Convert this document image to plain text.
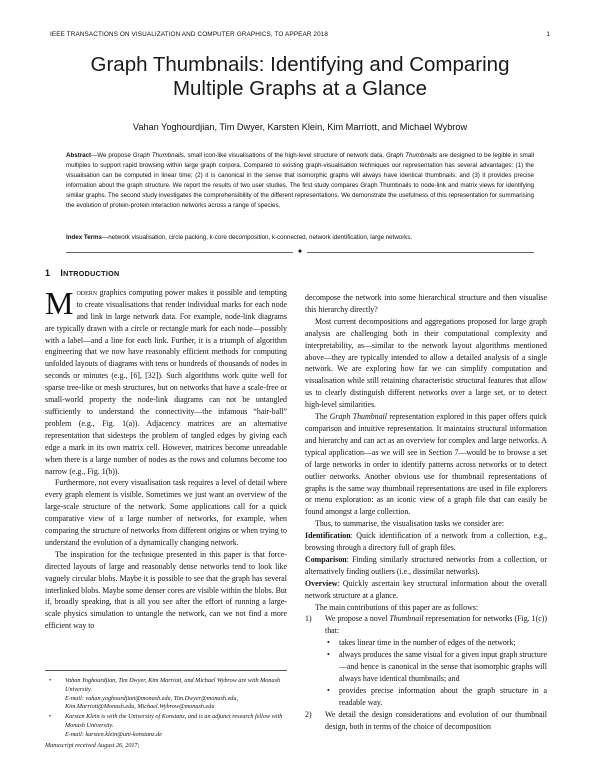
IEEE TRANSACTIONS ON VISUALIZATION AND COMPUTER GRAPHICS, TO APPEAR 2018	1
Graph Thumbnails: Identifying and Comparing
Multiple Graphs at a Glance
Vahan Yoghourdjian, Tim Dwyer, Karsten Klein, Kim Marriott, and Michael Wybrow
Abstract—We propose Graph Thumbnails, small icon-like visualisations of the high-level structure of network data. Graph Thumbnails are designed to be legible in small multiples to support rapid browsing within large graph corpora. Compared to existing graph-visualisation techniques our representation has several advantages: (1) the visualisation can be computed in linear time; (2) it is canonical in the sense that isomorphic graphs will always have identical thumbnails; and (3) it provides precise information about the graph structure. We report the results of two user studies. The first study compares Graph Thumbnails to node-link and matrix views for identifying similar graphs. The second study investigates the comprehensibility of the different representations. We demonstrate the usefulness of this representation for summarising the evolution of protein-protein interaction networks across a range of species.
Index Terms—network visualisation, circle packing, k-core decomposition, k-connected, network identification, large networks.
✦
1 INTRODUCTION

Modern graphics computing power makes it possible and tempting to create visualisations that render individual marks for each node and link in large network data. For example, node-link diagrams are typically drawn with a circle or rectangle mark for each node—possibly with a label—and a line for each link. Further, it is a triumph of algorithm engineering that we now have reasonably efficient methods for computing unfolded layouts of diagrams with tens or hundreds of thousands of nodes in seconds or minutes (e.g., [6], [32]). Such algorithms work quite well for sparse tree-like or mesh structures, but on networks that have a scale-free or small-world property the node-link diagrams can not be untangled sufficiently to understand the connectivity—the infamous “hair-ball” problem (e.g., Fig. 1(a)). Adjacency matrices are an alternative representation that sidesteps the problem of tangled edges by giving each edge a mark in its own matrix cell. However, matrices become unreadable when there is a large number of nodes as the rows and columns become too narrow (e.g., Fig. 1(b)).

Furthermore, not every visualisation task requires a level of detail where every graph element is visible. Sometimes we just want an overview of the large-scale structure of the network. Some applications call for a quick comparative view of a large number of networks, for example, when comparing the structure of networks from different origins or when trying to understand the evolution of a dynamically changing network.

The inspiration for the technique presented in this paper is that force-directed layouts of large and reasonably dense networks tend to look like vaguely circular blobs. Maybe it is possible to see that the graph has several interlinked blobs. Maybe some denser cores are visible within the blobs. But if, broadly speaking, that is all you see after the effort of running a large-scale physics simulation to untangle the network, can we not find a more efficient way to

• Vahan Yoghourdjian, Tim Dwyer, Kim Marriott, and Michael Wybrow are with Monash University.
E-mail: vahan.yoghourdjian@monash.edu, Tim.Dwyer@monash.edu, Kim.Marriott@Monash.edu, Michael.Wybrow@monash.edu
• Karsten Klein is with the University of Konstanz, and is an adjunct research fellow with Monash University.
E-mail: karsten.klein@uni-konstanz.de
Manuscript received August 26, 2017;

decompose the network into some hierarchical structure and then visualise this hierarchy directly?

Most current decompositions and aggregations proposed for large graph analysis are challenging both in their computational complexity and interpretability, as—similar to the network layout algorithms mentioned above—they are typically intended to allow a detailed analysis of a single network. We are exploring how far we can simplify computation and visualisation while still retaining characteristic structural features that allow us to clearly distinguish different networks over a large set, or to detect high-level similarities.

The Graph Thumbnail representation explored in this paper offers quick comparison and intuitive representation. It maintains structural information and hierarchy and can act as an overview for complex and large networks. A typical application—as we will see in Section 7—would be to browse a set of large networks in order to identify patterns across networks or to detect outlier networks. Another obvious use for thumbnail representations of graphs is the same way thumbnail representations are used in file explorers or menu exploration: as an iconic view of a graph file that can easily be found amongst a large collection.

Thus, to summarise, the visualisation tasks we consider are:

Identification: Quick identification of a network from a collection, e.g., browsing through a directory full of graph files.

Comparison: Finding similarly structured networks from a collection, or alternatively finding outliers (i.e., dissimilar networks).

Overview: Quickly ascertain key structural information about the overall network structure at a glance.

The main contributions of this paper are as follows:

1) We propose a novel Thumbnail representation for networks (Fig. 1(c)) that:
• takes linear time in the number of edges of the network;
• always produces the same visual for a given input graph structure—and hence is canonical in the sense that isomorphic graphs will always have identical thumbnails; and
• provides precise information about the graph structure in a readable way.
2) We detail the design considerations and evolution of our thumbnail design, both in terms of the choice of decomposition
